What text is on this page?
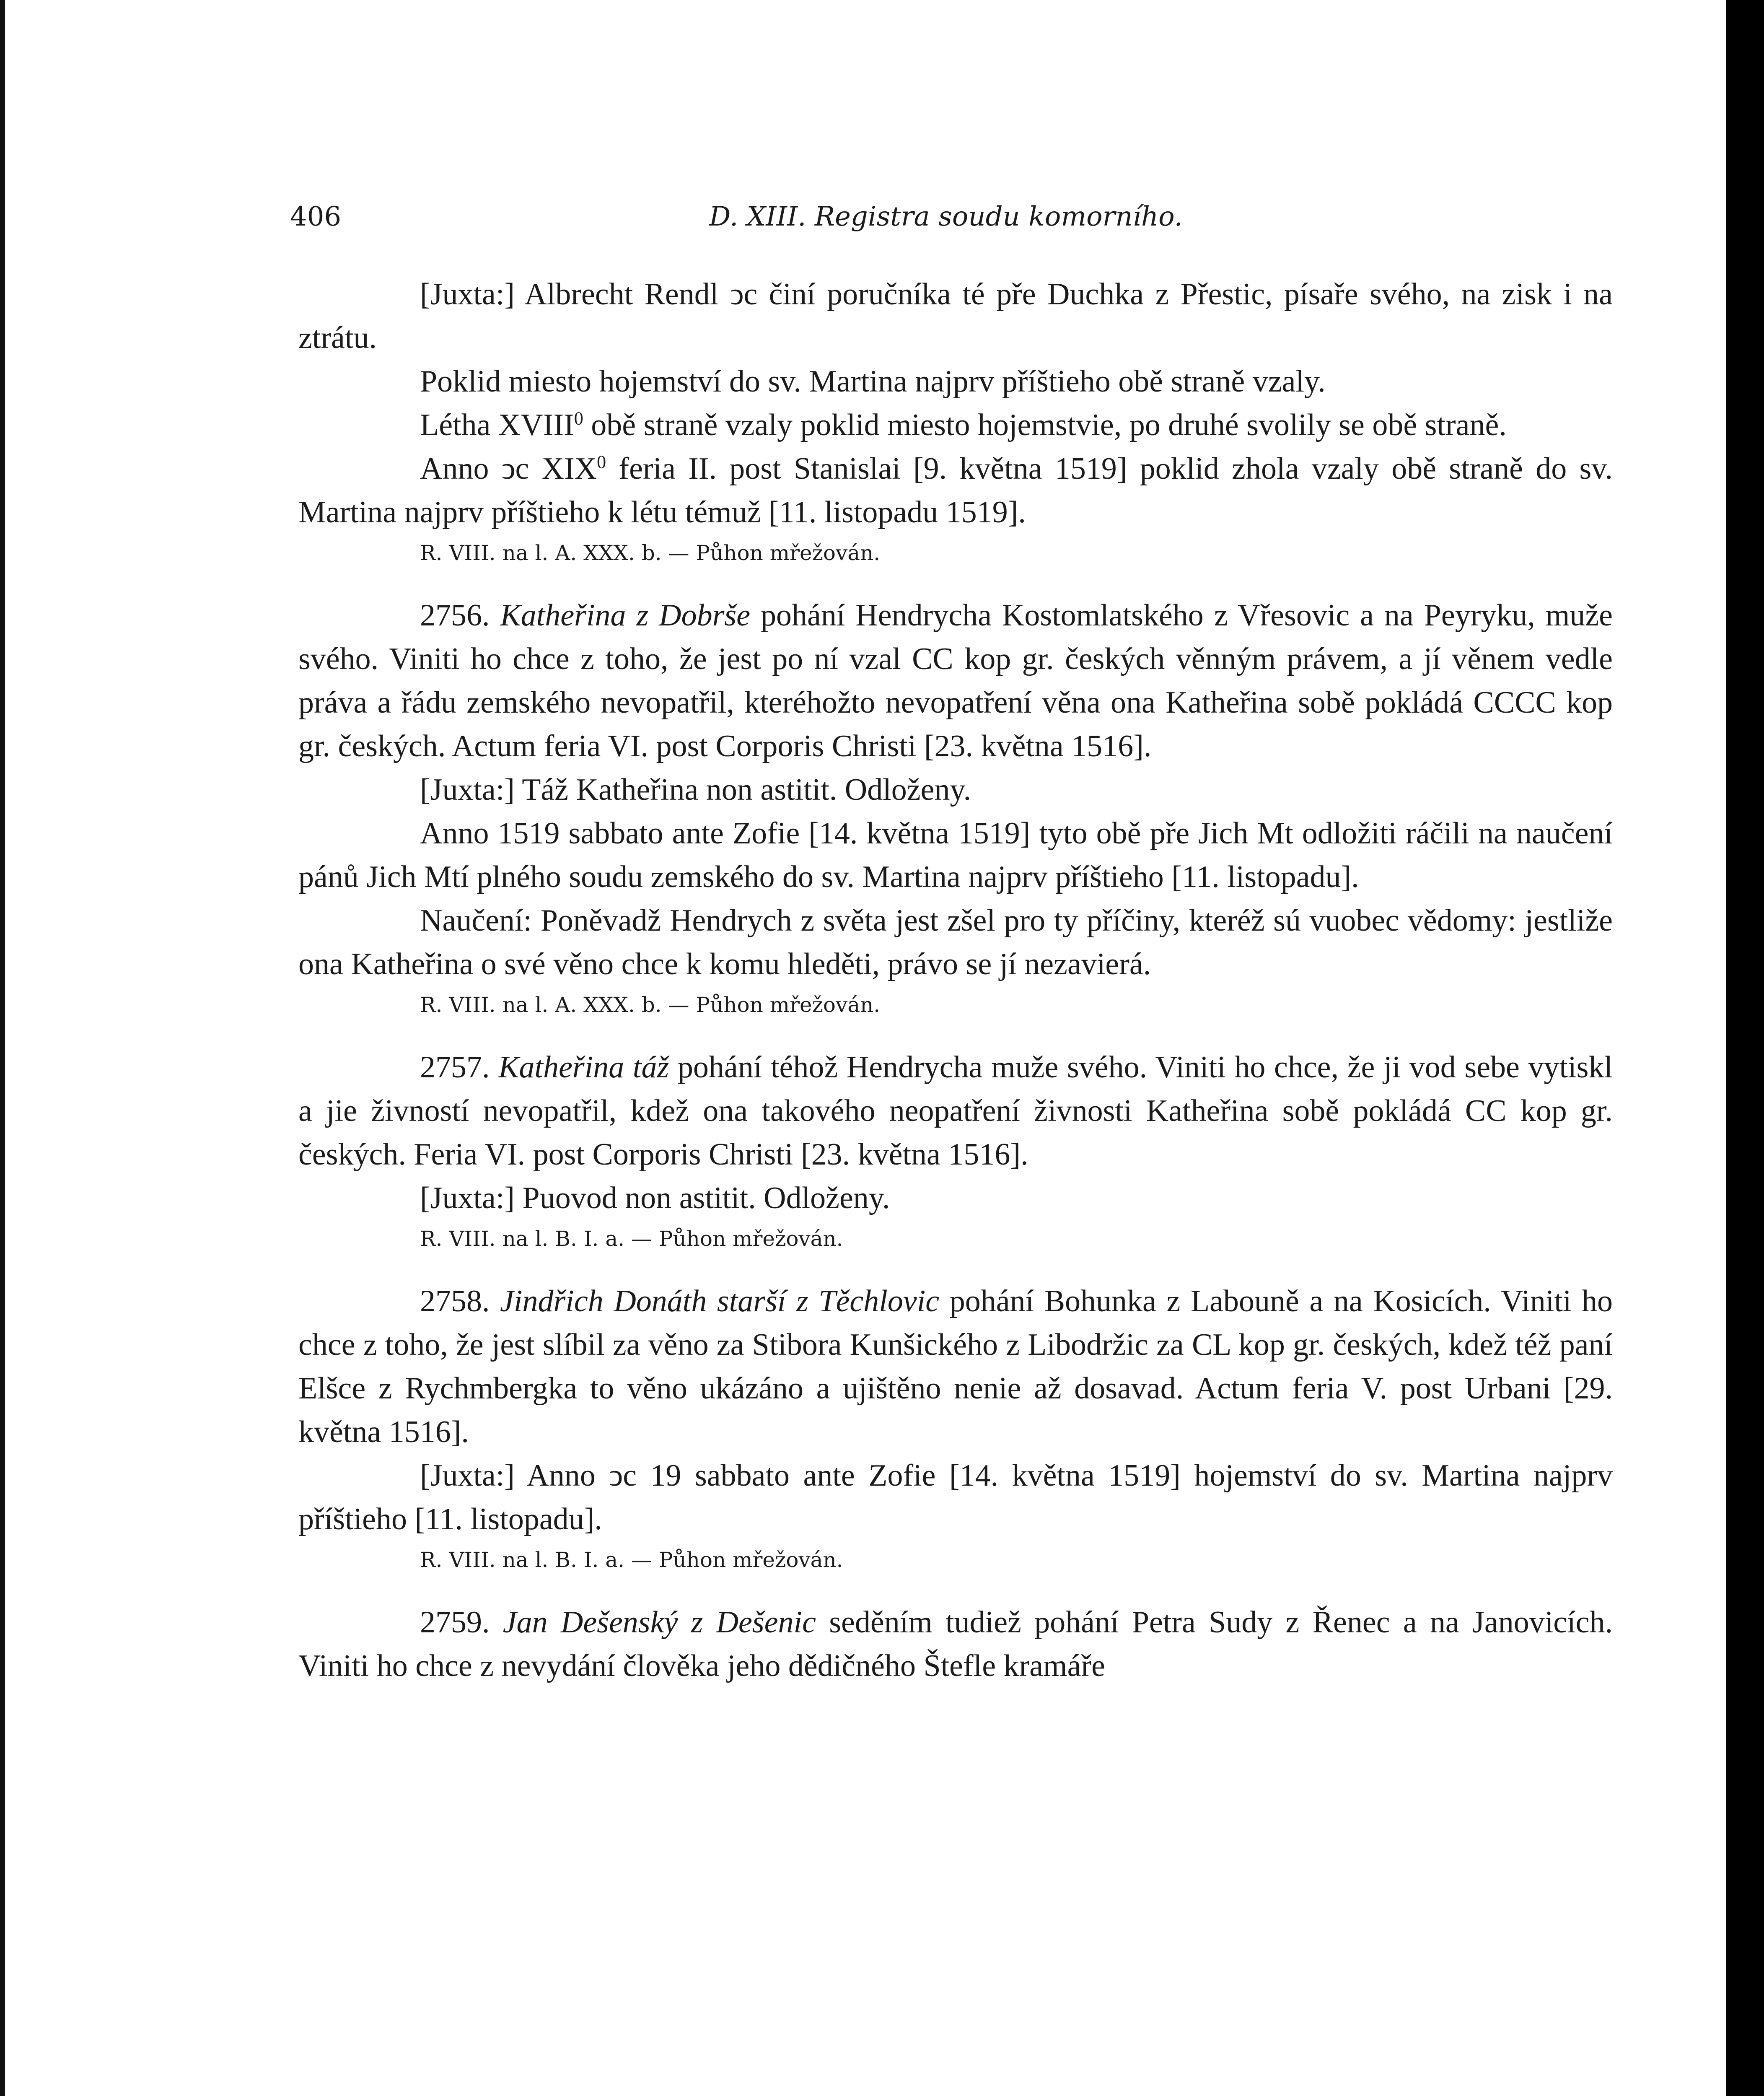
406	D. XIII. Registra soudu komorního.

[Juxta:] Albrecht Rendl ͻc činí poručníka té pře Duchka z Přestic, písaře svého, na zisk i na ztrátu.

Poklid miesto hojemství do sv. Martina najprv příštieho obě straně vzaly.

Létha XVIII$^0$ obě straně vzaly poklid miesto hojemstvie, po druhé svolily se obě straně.

Anno ͻc XIX$^0$ feria II. post Stanislai [9. května 1519] poklid zhola vzaly obě straně do sv. Martina najprv příštieho k létu témuž [11. listopadu 1519].

R. VIII. na l. A. XXX. b. — Půhon mřežován.

2756. Katheřina z Dobrše pohání Hendrycha Kostomlatského z Vřesovic a na Peyryku, muže svého. Viniti ho chce z toho, že jest po ní vzal CC kop gr. českých věnným právem, a jí věnem vedle práva a řádu zemského nevopatřil, kteréhožto nevopatření věna ona Katheřina sobě pokládá CCCC kop gr. českých. Actum feria VI. post Corporis Christi [23. května 1516].

[Juxta:] Táž Katheřina non astitit. Odloženy.

Anno 1519 sabbato ante Zofie [14. května 1519] tyto obě pře Jich Mt odložiti ráčili na naučení pánů Jich Mtí plného soudu zemského do sv. Martina najprv příštieho [11. listopadu].

Naučení: Poněvadž Hendrych z světa jest zšel pro ty příčiny, kteréž sú vuobec vědomy: jestliže ona Katheřina o své věno chce k komu hleděti, právo se jí nezavierá.

R. VIII. na l. A. XXX. b. — Půhon mřežován.

2757. Katheřina táž pohání téhož Hendrycha muže svého. Viniti ho chce, že ji vod sebe vytiskl a jie živností nevopatřil, kdež ona takového neopatření živnosti Katheřina sobě pokládá CC kop gr. českých. Feria VI. post Corporis Christi [23. května 1516].

[Juxta:] Puovod non astitit. Odloženy.

R. VIII. na l. B. I. a. — Půhon mřežován.

2758. Jindřich Donáth starší z Těchlovic pohání Bohunka z Labouně a na Kosicích. Viniti ho chce z toho, že jest slíbil za věno za Stibora Kunšického z Libodržic za CL kop gr. českých, kdež též paní Elšce z Rychmbergka to věno ukázáno a ujištěno nenie až dosavad. Actum feria V. post Urbani [29. května 1516].

[Juxta:] Anno ͻc 19 sabbato ante Zofie [14. května 1519] hojemství do sv. Martina najprv příštieho [11. listopadu].

R. VIII. na l. B. I. a. — Půhon mřežován.

2759. Jan Dešenský z Dešenic seděním tudiež pohání Petra Sudy z Řenec a na Janovicích. Viniti ho chce z nevydání člověka jeho dědičného Štefle kramáře
